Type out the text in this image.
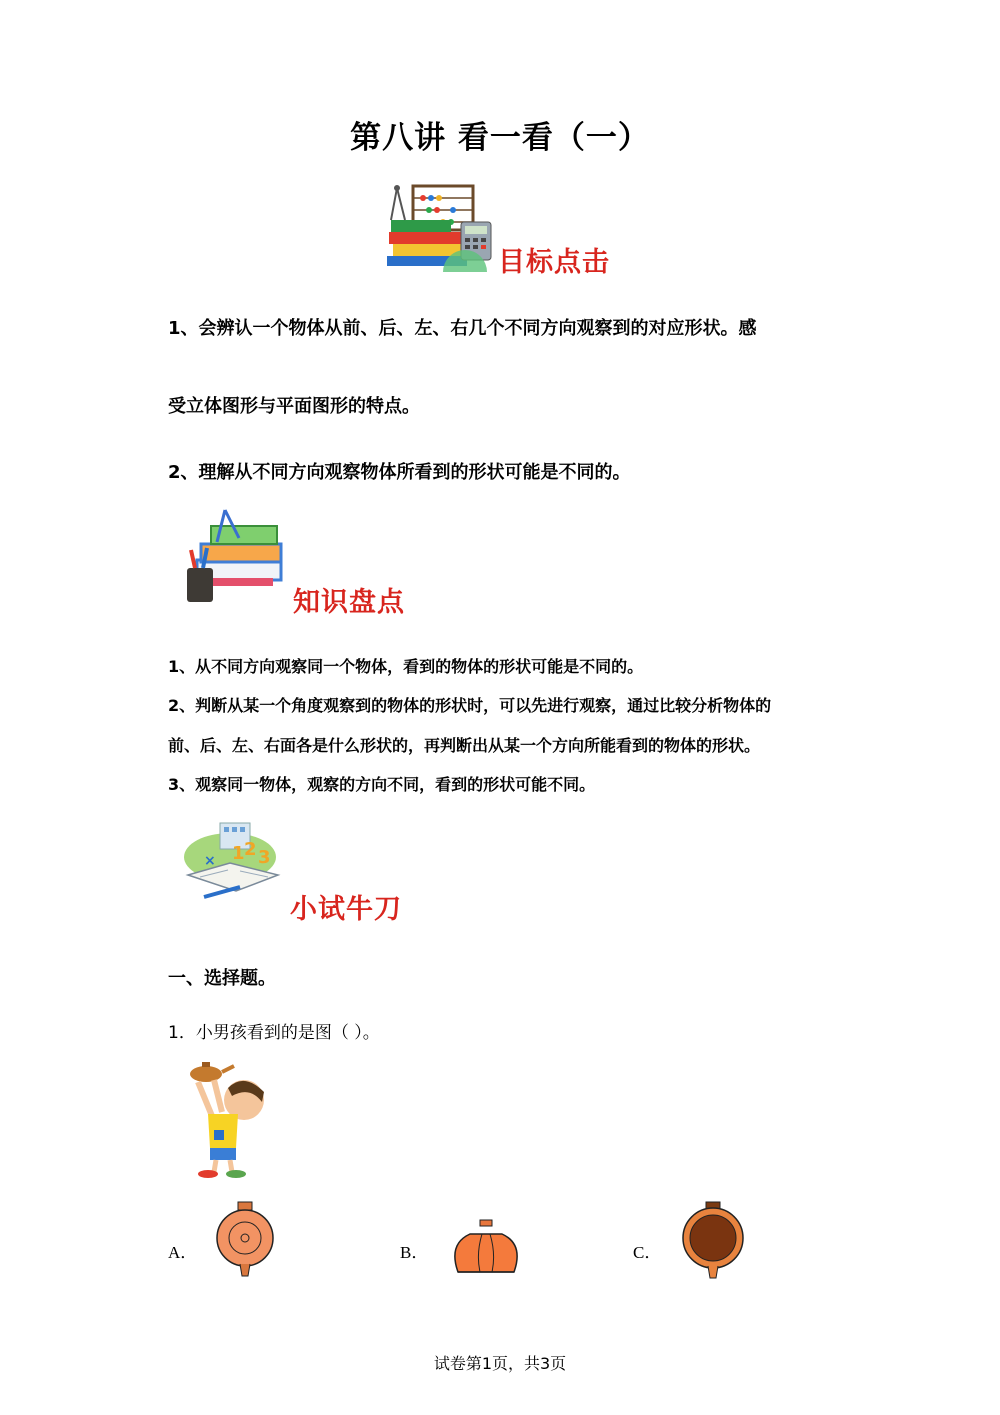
第八讲 看一看（一）
目标点击
1、会辨认一个物体从前、后、左、右几个不同方向观察到的对应形状。感
受立体图形与平面图形的特点。
2、理解从不同方向观察物体所看到的形状可能是不同的。
知识盘点
1、从不同方向观察同一个物体，看到的物体的形状可能是不同的。
2、判断从某一个角度观察到的物体的形状时，可以先进行观察，通过比较分析物体的
前、后、左、右面各是什么形状的，再判断出从某一个方向所能看到的物体的形状。
3、观察同一物体，观察的方向不同，看到的形状可能不同。
1 2 3
×
小试牛刀
一、选择题。
1．小男孩看到的是图（ ）。
A．	B．	C．
试卷第1页，共3页
